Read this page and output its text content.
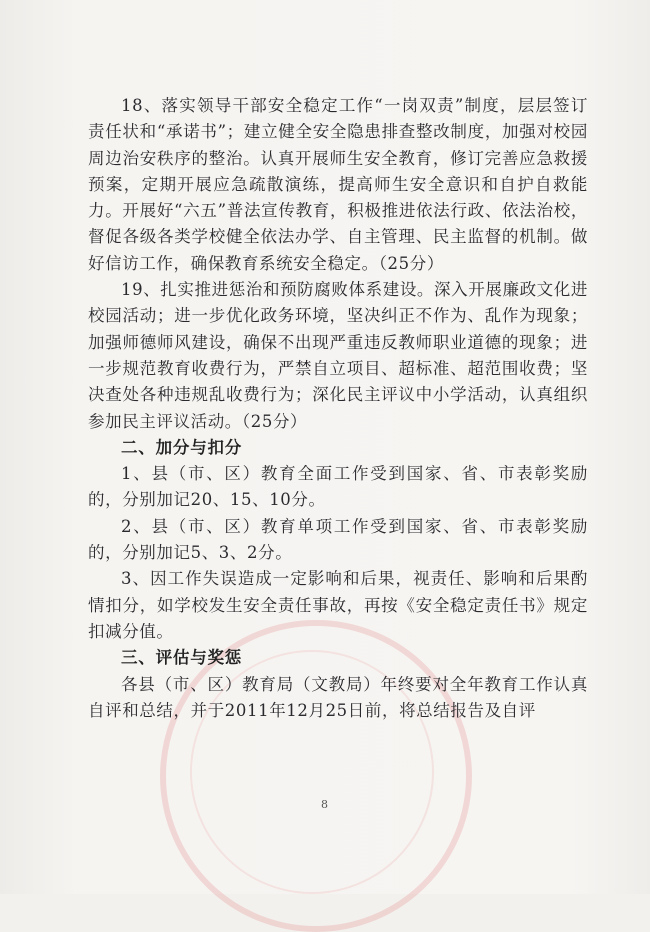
18、落实领导干部安全稳定工作“一岗双责”制度，层层签订责任状和“承诺书”；建立健全安全隐患排查整改制度，加强对校园周边治安秩序的整治。认真开展师生安全教育，修订完善应急救援预案，定期开展应急疏散演练，提高师生安全意识和自护自救能力。开展好“六五”普法宣传教育，积极推进依法行政、依法治校，督促各级各类学校健全依法办学、自主管理、民主监督的机制。做好信访工作，确保教育系统安全稳定。（25分）

19、扎实推进惩治和预防腐败体系建设。深入开展廉政文化进校园活动；进一步优化政务环境，坚决纠正不作为、乱作为现象；加强师德师风建设，确保不出现严重违反教师职业道德的现象；进一步规范教育收费行为，严禁自立项目、超标准、超范围收费；坚决查处各种违规乱收费行为；深化民主评议中小学活动，认真组织参加民主评议活动。（25分）

二、加分与扣分

1、县（市、区）教育全面工作受到国家、省、市表彰奖励的，分别加记20、15、10分。

2、县（市、区）教育单项工作受到国家、省、市表彰奖励的，分别加记5、3、2分。

3、因工作失误造成一定影响和后果，视责任、影响和后果酌情扣分，如学校发生安全责任事故，再按《安全稳定责任书》规定扣减分值。

三、评估与奖惩

各县（市、区）教育局（文教局）年终要对全年教育工作认真自评和总结，并于2011年12月25日前，将总结报告及自评

8
